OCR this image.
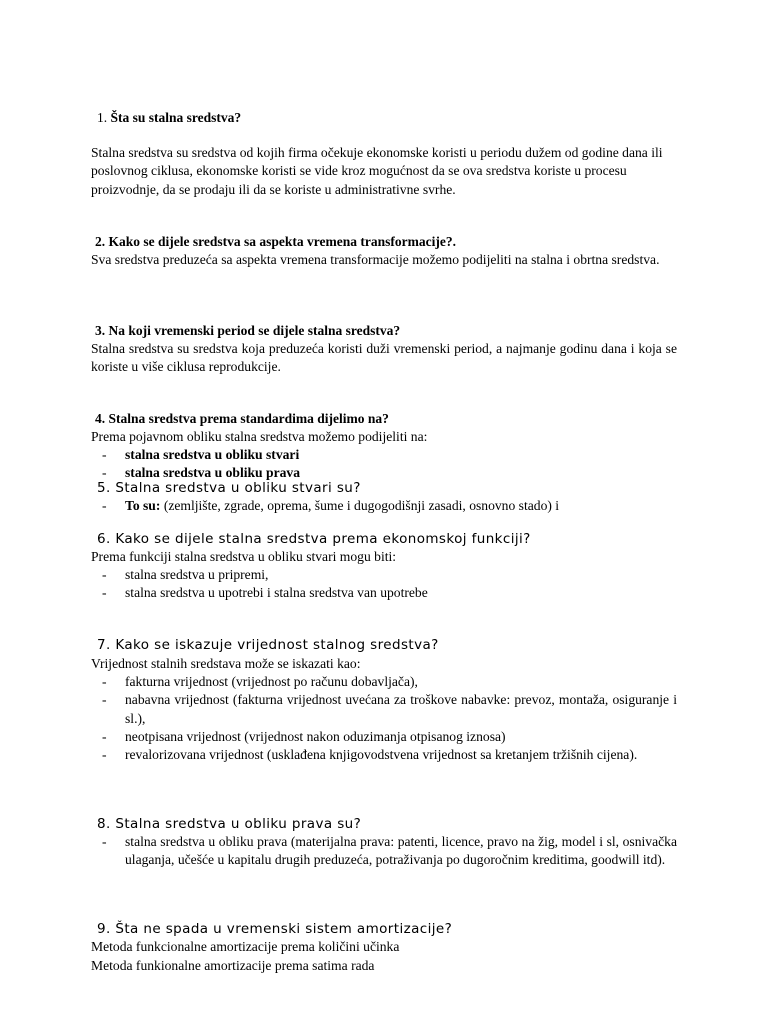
1. Šta su stalna sredstva?

Stalna sredstva su sredstva od kojih firma očekuje ekonomske koristi u periodu dužem od godine dana ili poslovnog ciklusa, ekonomske koristi se vide kroz mogućnost da se ova sredstva koriste u procesu proizvodnje, da se prodaju ili da se koriste u administrativne svrhe.

2. Kako se dijele sredstva sa aspekta vremena transformacije?.

Sva sredstva preduzeća sa aspekta vremena transformacije možemo podijeliti na stalna i obrtna sredstva.

3. Na koji vremenski period se dijele stalna sredstva?

Stalna sredstva su sredstva koja preduzeća koristi duži vremenski period, a najmanje godinu dana i koja se koriste u više ciklusa reprodukcije.

4. Stalna sredstva prema standardima dijelimo na?

Prema pojavnom obliku stalna sredstva možemo podijeliti na:

- stalna sredstva u obliku stvari
- stalna sredstva u obliku prava
5. Stalna sredstva u obliku stvari su?
- To su: (zemljište, zgrade, oprema, šume i dugogodišnji zasadi, osnovno stado) i
6. Kako se dijele stalna sredstva prema ekonomskoj funkciji?

Prema funkciji stalna sredstva u obliku stvari mogu biti:

- stalna sredstva u pripremi,
- stalna sredstva u upotrebi i stalna sredstva van upotrebe
7. Kako se iskazuje vrijednost stalnog sredstva?

Vrijednost stalnih sredstava može se iskazati kao:

- fakturna vrijednost (vrijednost po računu dobavljača),
- nabavna vrijednost (fakturna vrijednost uvećana za troškove nabavke: prevoz, montaža, osiguranje i sl.),
- neotpisana vrijednost (vrijednost nakon oduzimanja otpisanog iznosa)
- revalorizovana vrijednost (usklađena knjigovodstvena vrijednost sa kretanjem tržišnih cijena).
8. Stalna sredstva u obliku prava su?
- stalna sredstva u obliku prava (materijalna prava: patenti, licence, pravo na žig, model i sl, osnivačka ulaganja, učešće u kapitalu drugih preduzeća, potraživanja po dugoročnim kreditima, goodwill itd).
9. Šta ne spada u vremenski sistem amortizacije?

Metoda funkcionalne amortizacije prema količini učinka

Metoda funkionalne amortizacije prema satima rada
